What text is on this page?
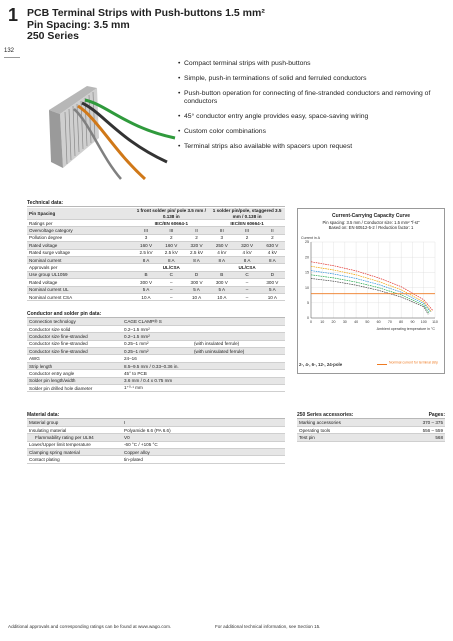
1
132
PCB Terminal Strips with Push-buttons 1.5 mm²
Pin Spacing: 3.5 mm
250 Series
• Compact terminal strips with push-buttons
• Simple, push-in terminations of solid and ferruled conductors
• Push-button operation for connecting of fine-stranded conductors and removing of conductors
• 45° conductor entry angle provides easy, space-saving wiring
• Custom color combinations
• Terminal strips also available with spacers upon request
Technical data:
Pin Spacing	1 front solder pin/ pole 3.5 mm / 0.138 in			1 solder pin/pole, staggered 3.5 mm / 0.138 in		
Ratings per	IEC/EN 60664-1			IEC/EN 60664-1		
Overvoltage category	III	III	II	III	III	II
Pollution degree	3	2	2	3	2	2
Rated voltage	160 V	160 V	320 V	250 V	320 V	630 V
Rated surge voltage	2.5 kV	2.5 kV	2.5 kV	4 kV	4 kV	4 kV
Nominal current	8 A	8 A	8 A	8 A	8 A	8 A
Approvals per	UL/CSA			UL/CSA		
Use group UL1059	B	C	D	B	C	D
Rated voltage	300 V	–	300 V	300 V	–	300 V
Nominal current UL	5 A	–	5 A	5 A	–	5 A
Nominal current CSA	10 A	–	10 A	10 A	–	10 A
Conductor and solder pin data:
Connection technology	CAGE CLAMP® S	
Conductor size solid	0.2–1.5 mm²	
Conductor size fine-stranded	0.2–1.5 mm²	
Conductor size fine-stranded	0.25–1 mm²	(with insulated ferrule)
Conductor size fine-stranded	0.25–1 mm²	(with uninsulated ferrule)
AWG	24–16	
Strip length	8.5–9.5 mm / 0.33–0.36 in.	
Conductor entry angle	45° to PCB	
Solder pin length/width	3.6 mm / 0.4 x 0.75 mm	
Solder pin drilled hole diameter	1⁺⁰·¹ mm	
Material data:
Material group	I
Insulating material	Polyamide 6.6 (PA 6.6)
Flammability rating per UL94	V0
Lower/Upper limit temperature	-60 °C / +105 °C
Clamping spring material	Copper alloy
Contact plating	tin-plated
250 Series accessories:	Pages:
Marking accessories	370 – 375
Operating tools	556 – 559
Test pin	568
Current-Carrying Capacity Curve
Pin spacing: 3.5 mm / Conductor size: 1.5 mm² "f-st"
Based on: EN 60512-5-2 / Reduction factor: 1
0 10 20 30 40 50 60 70 80 90 100 110
0
5
10
15
20
25
Current in A
Ambient operating temperature in °C
2-, 4-, 6-, 12-, 24-pole	Nominal current for terminal strip
Additional approvals and corresponding ratings can be found at www.wago.com.	For additional technical information, see Section 15.
